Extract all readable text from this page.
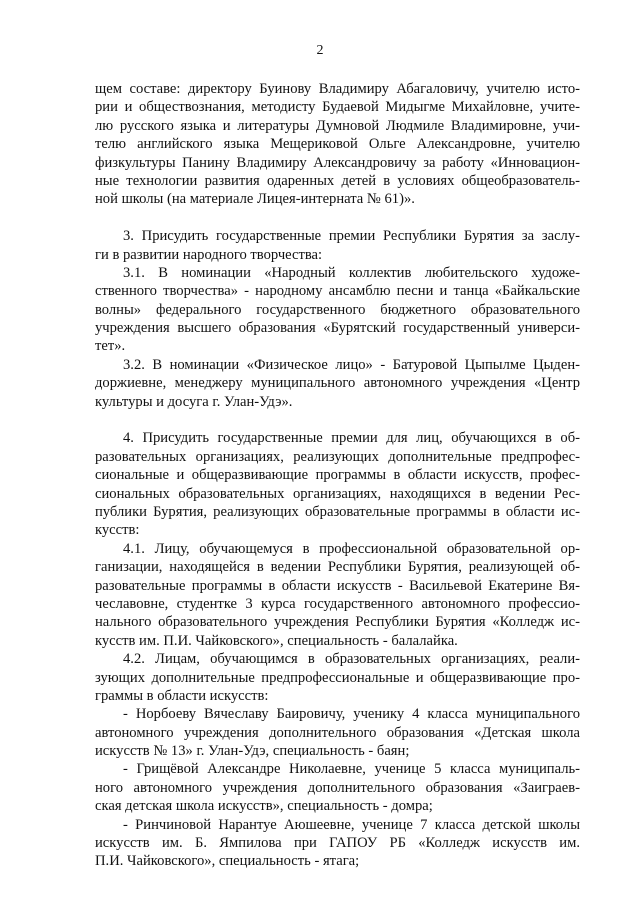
2
щем составе: директору Буинову Владимиру Абагаловичу, учителю исто-
рии и обществознания, методисту Будаевой Мидыгме Михайловне, учите-
лю русского языка и литературы Думновой Людмиле Владимировне, учи-
телю английского языка Мещериковой Ольге Александровне, учителю
физкультуры Панину Владимиру Александровичу за работу «Инновацион-
ные технологии развития одаренных детей в условиях общеобразователь-
ной школы (на материале Лицея-интерната № 61)».
3. Присудить государственные премии Республики Бурятия за заслу-
ги в развитии народного творчества:
3.1. В номинации «Народный коллектив любительского художе-
ственного творчества» - народному ансамблю песни и танца «Байкальские
волны» федерального государственного бюджетного образовательного
учреждения высшего образования «Бурятский государственный универси-
тет».
3.2. В номинации «Физическое лицо» - Батуровой Цыпылме Цыден-
доржиевне, менеджеру муниципального автономного учреждения «Центр
культуры и досуга г. Улан-Удэ».
4. Присудить государственные премии для лиц, обучающихся в об-
разовательных организациях, реализующих дополнительные предпрофес-
сиональные и общеразвивающие программы в области искусств, профес-
сиональных образовательных организациях, находящихся в ведении Рес-
публики Бурятия, реализующих образовательные программы в области ис-
кусств:
4.1. Лицу, обучающемуся в профессиональной образовательной ор-
ганизации, находящейся в ведении Республики Бурятия, реализующей об-
разовательные программы в области искусств - Васильевой Екатерине Вя-
чеславовне, студентке 3 курса государственного автономного профессио-
нального образовательного учреждения Республики Бурятия «Колледж ис-
кусств им. П.И. Чайковского», специальность - балалайка.
4.2. Лицам, обучающимся в образовательных организациях, реали-
зующих дополнительные предпрофессиональные и общеразвивающие про-
граммы в области искусств:
- Норбоеву Вячеславу Баировичу, ученику 4 класса муниципального
автономного учреждения дополнительного образования «Детская школа
искусств № 13» г. Улан-Удэ, специальность - баян;
- Грищёвой Александре Николаевне, ученице 5 класса муниципаль-
ного автономного учреждения дополнительного образования «Заиграев-
ская детская школа искусств», специальность - домра;
- Ринчиновой Нарантуе Аюшеевне, ученице 7 класса детской школы
искусств им. Б. Ямпилова при ГАПОУ РБ «Колледж искусств им.
П.И. Чайковского», специальность - ятага;
